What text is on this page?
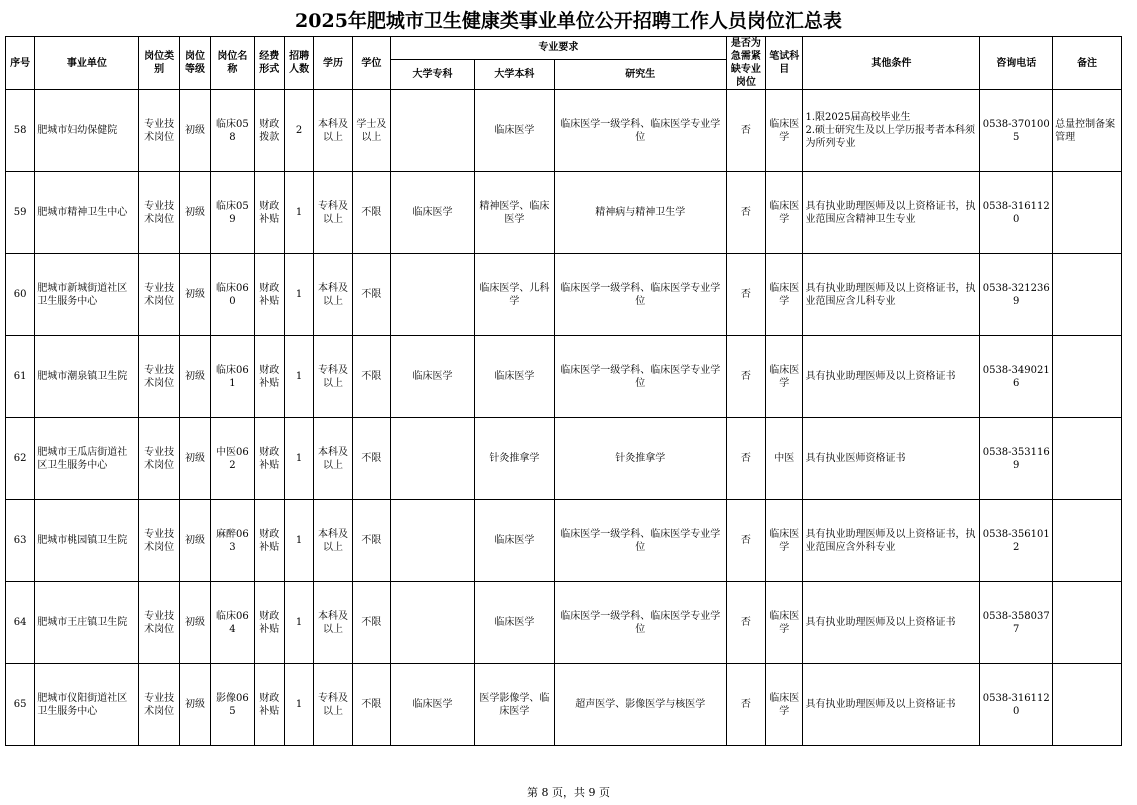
2025年肥城市卫生健康类事业单位公开招聘工作人员岗位汇总表
序号	事业单位	岗位类别	岗位等级	岗位名称	经费形式	招聘人数	学历	学位	专业要求			是否为急需紧缺专业岗位	笔试科目	其他条件	咨询电话	备注
									大学专科	大学本科	研究生					
58	肥城市妇幼保健院	专业技术岗位	初级	临床058	财政拨款	2	本科及以上	学士及以上		临床医学	临床医学一级学科、临床医学专业学位	否	临床医学	1.限2025届高校毕业生
2.硕士研究生及以上学历报考者本科须为所列专业	0538-3701005	总量控制备案管理
59	肥城市精神卫生中心	专业技术岗位	初级	临床059	财政补贴	1	专科及以上	不限	临床医学	精神医学、临床医学	精神病与精神卫生学	否	临床医学	具有执业助理医师及以上资格证书，执业范围应含精神卫生专业	0538-3161120	
60	肥城市新城街道社区卫生服务中心	专业技术岗位	初级	临床060	财政补贴	1	本科及以上	不限		临床医学、儿科学	临床医学一级学科、临床医学专业学位	否	临床医学	具有执业助理医师及以上资格证书，执业范围应含儿科专业	0538-3212369	
61	肥城市潮泉镇卫生院	专业技术岗位	初级	临床061	财政补贴	1	专科及以上	不限	临床医学	临床医学	临床医学一级学科、临床医学专业学位	否	临床医学	具有执业助理医师及以上资格证书	0538-3490216	
62	肥城市王瓜店街道社区卫生服务中心	专业技术岗位	初级	中医062	财政补贴	1	本科及以上	不限		针灸推拿学	针灸推拿学	否	中医	具有执业医师资格证书	0538-3531169	
63	肥城市桃园镇卫生院	专业技术岗位	初级	麻醉063	财政补贴	1	本科及以上	不限		临床医学	临床医学一级学科、临床医学专业学位	否	临床医学	具有执业助理医师及以上资格证书，执业范围应含外科专业	0538-3561012	
64	肥城市王庄镇卫生院	专业技术岗位	初级	临床064	财政补贴	1	本科及以上	不限		临床医学	临床医学一级学科、临床医学专业学位	否	临床医学	具有执业助理医师及以上资格证书	0538-3580377	
65	肥城市仪阳街道社区卫生服务中心	专业技术岗位	初级	影像065	财政补贴	1	专科及以上	不限	临床医学	医学影像学、临床医学	超声医学、影像医学与核医学	否	临床医学	具有执业助理医师及以上资格证书	0538-3161120	
第 8 页，共 9 页
